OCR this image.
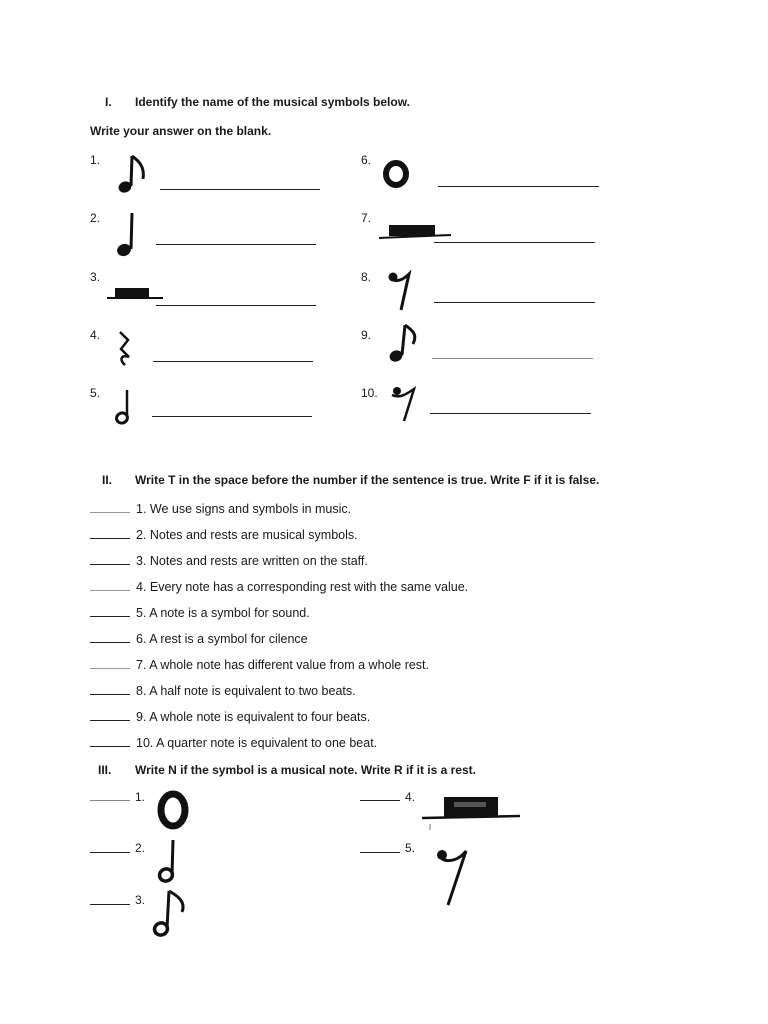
I. Identify the name of the musical symbols below.
Write your answer on the blank.
1.
2.
3.
4.
5.
6.
7.
8.
9.
10.
II. Write T in the space before the number if the sentence is true. Write F if it is false.
1. We use signs and symbols in music.
2. Notes and rests are musical symbols.
3. Notes and rests are written on the staff.
4. Every note has a corresponding rest with the same value.
5. A note is a symbol for sound.
6. A rest is a symbol for cilence
7. A whole note has different value from a whole rest.
8. A half note is equivalent to two beats.
9. A whole note is equivalent to four beats.
10. A quarter note is equivalent to one beat.
III. Write N if the symbol is a musical note. Write R if it is a rest.
1.
2.
3.
4.
5.
